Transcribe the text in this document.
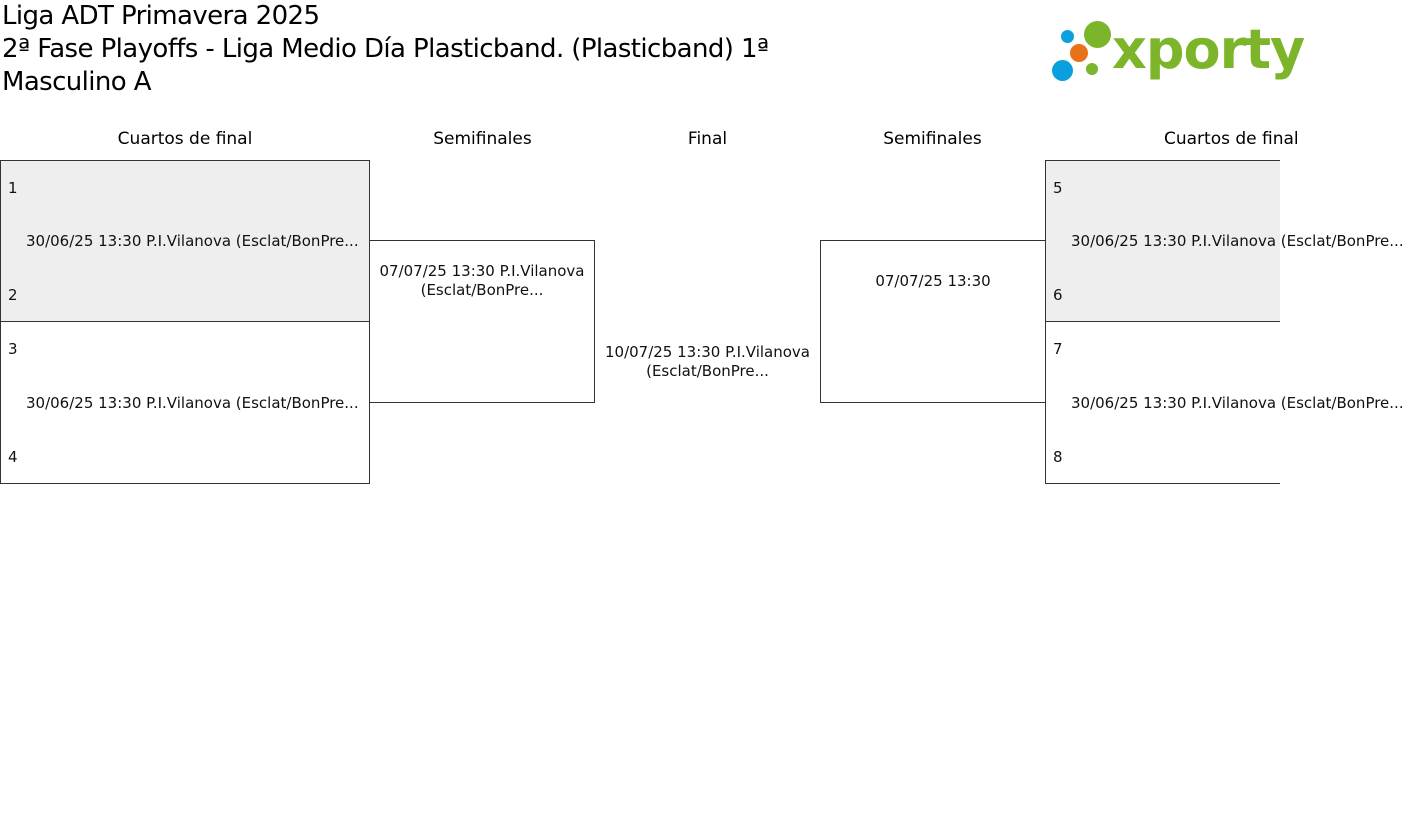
Liga ADT Primavera 2025
2ª Fase Playoffs - Liga Medio Día Plasticband. (Plasticband) 1ª
Masculino A
xporty
Cuartos de final	Semifinales	Final	Semifinales	Cuartos de final
1
30/06/25 13:30 P.I.Vilanova (Esclat/BonPre...
2
3
30/06/25 13:30 P.I.Vilanova (Esclat/BonPre...
4
07/07/25 13:30 P.I.Vilanova
(Esclat/BonPre...
10/07/25 13:30 P.I.Vilanova
(Esclat/BonPre...
07/07/25 13:30
5
30/06/25 13:30 P.I.Vilanova (Esclat/BonPre...
6
7
30/06/25 13:30 P.I.Vilanova (Esclat/BonPre...
8
